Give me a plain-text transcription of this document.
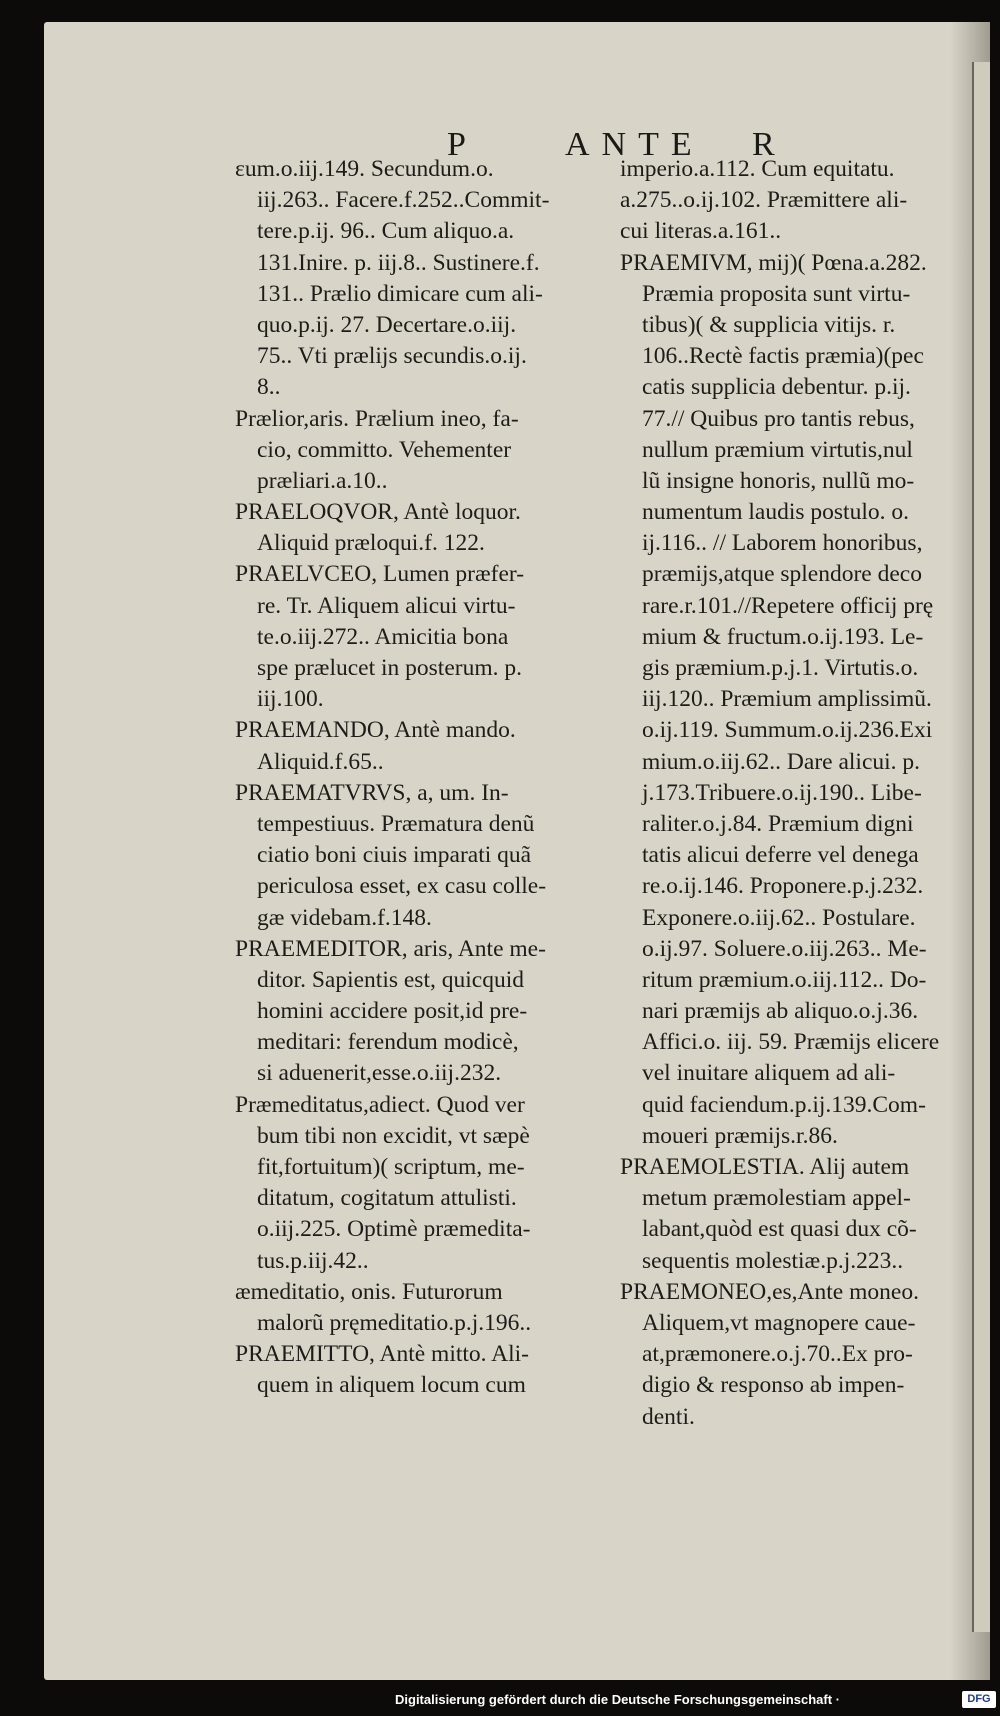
P	ANTE R
ɛum.o.iij.149. Secundum.o.
iij.263.. Facere.f.252..Commit-
tere.p.ij. 96.. Cum aliquo.a.
131.Inire. p. iij.8.. Sustinere.f.
131.. Prælio dimicare cum ali-
quo.p.ij. 27. Decertare.o.iij.
75.. Vti prælijs secundis.o.ij.
8..
Prælior,aris. Prælium ineo, fa-
cio, committo. Vehementer
præliari.a.10..
PRAELOQVOR, Antè loquor.
Aliquid præloqui.f. 122.
PRAELVCEO, Lumen præfer-
re. Tr. Aliquem alicui virtu-
te.o.iij.272.. Amicitia bona
spe prælucet in posterum. p.
iij.100.
PRAEMANDO, Antè mando.
Aliquid.f.65..
PRAEMATVRVS, a, um. In-
tempestiuus. Præmatura denũ
ciatio boni ciuis imparati quã
periculosa esset, ex casu colle-
gæ videbam.f.148.
PRAEMEDITOR, aris, Ante me-
ditor. Sapientis est, quicquid
homini accidere posit,id pre-
meditari: ferendum modicè,
si aduenerit,esse.o.iij.232.
Præmeditatus,adiect. Quod ver
bum tibi non excidit, vt sæpè
fit,fortuitum)( scriptum, me-
ditatum, cogitatum attulisti.
o.iij.225. Optimè præmedita-
tus.p.iij.42..
æmeditatio, onis. Futurorum
malorũ pręmeditatio.p.j.196..
PRAEMITTO, Antè mitto. Ali-
quem in aliquem locum cum
imperio.a.112. Cum equitatu.
a.275..o.ij.102. Præmittere ali-
cui literas.a.161..
PRAEMIVM, mij)( Pœna.a.282.
Præmia proposita sunt virtu-
tibus)( & supplicia vitijs. r.
106..Rectè factis præmia)(pec
catis supplicia debentur. p.ij.
77.// Quibus pro tantis rebus,
nullum præmium virtutis,nul
lũ insigne honoris, nullũ mo-
numentum laudis postulo. o.
ij.116.. // Laborem honoribus,
præmijs,atque splendore deco
rare.r.101.//Repetere officij prę
mium & fructum.o.ij.193. Le-
gis præmium.p.j.1. Virtutis.o.
iij.120.. Præmium amplissimũ.
o.ij.119. Summum.o.ij.236.Exi
mium.o.iij.62.. Dare alicui. p.
j.173.Tribuere.o.ij.190.. Libe-
raliter.o.j.84. Præmium digni
tatis alicui deferre vel denega
re.o.ij.146. Proponere.p.j.232.
Exponere.o.iij.62.. Postulare.
o.ij.97. Soluere.o.iij.263.. Me-
ritum præmium.o.iij.112.. Do-
nari præmijs ab aliquo.o.j.36.
Affici.o. iij. 59. Præmijs elicere
vel inuitare aliquem ad ali-
quid faciendum.p.ij.139.Com-
moueri præmijs.r.86.
PRAEMOLESTIA. Alij autem
metum præmolestiam appel-
labant,quòd est quasi dux cõ-
sequentis molestiæ.p.j.223..
PRAEMONEO,es,Ante moneo.
Aliquem,vt magnopere caue-
at,præmonere.o.j.70..Ex pro-
digio & responso ab impen-
denti.
Digitalisierung gefördert durch die Deutsche Forschungsgemeinschaft ·	DFG
